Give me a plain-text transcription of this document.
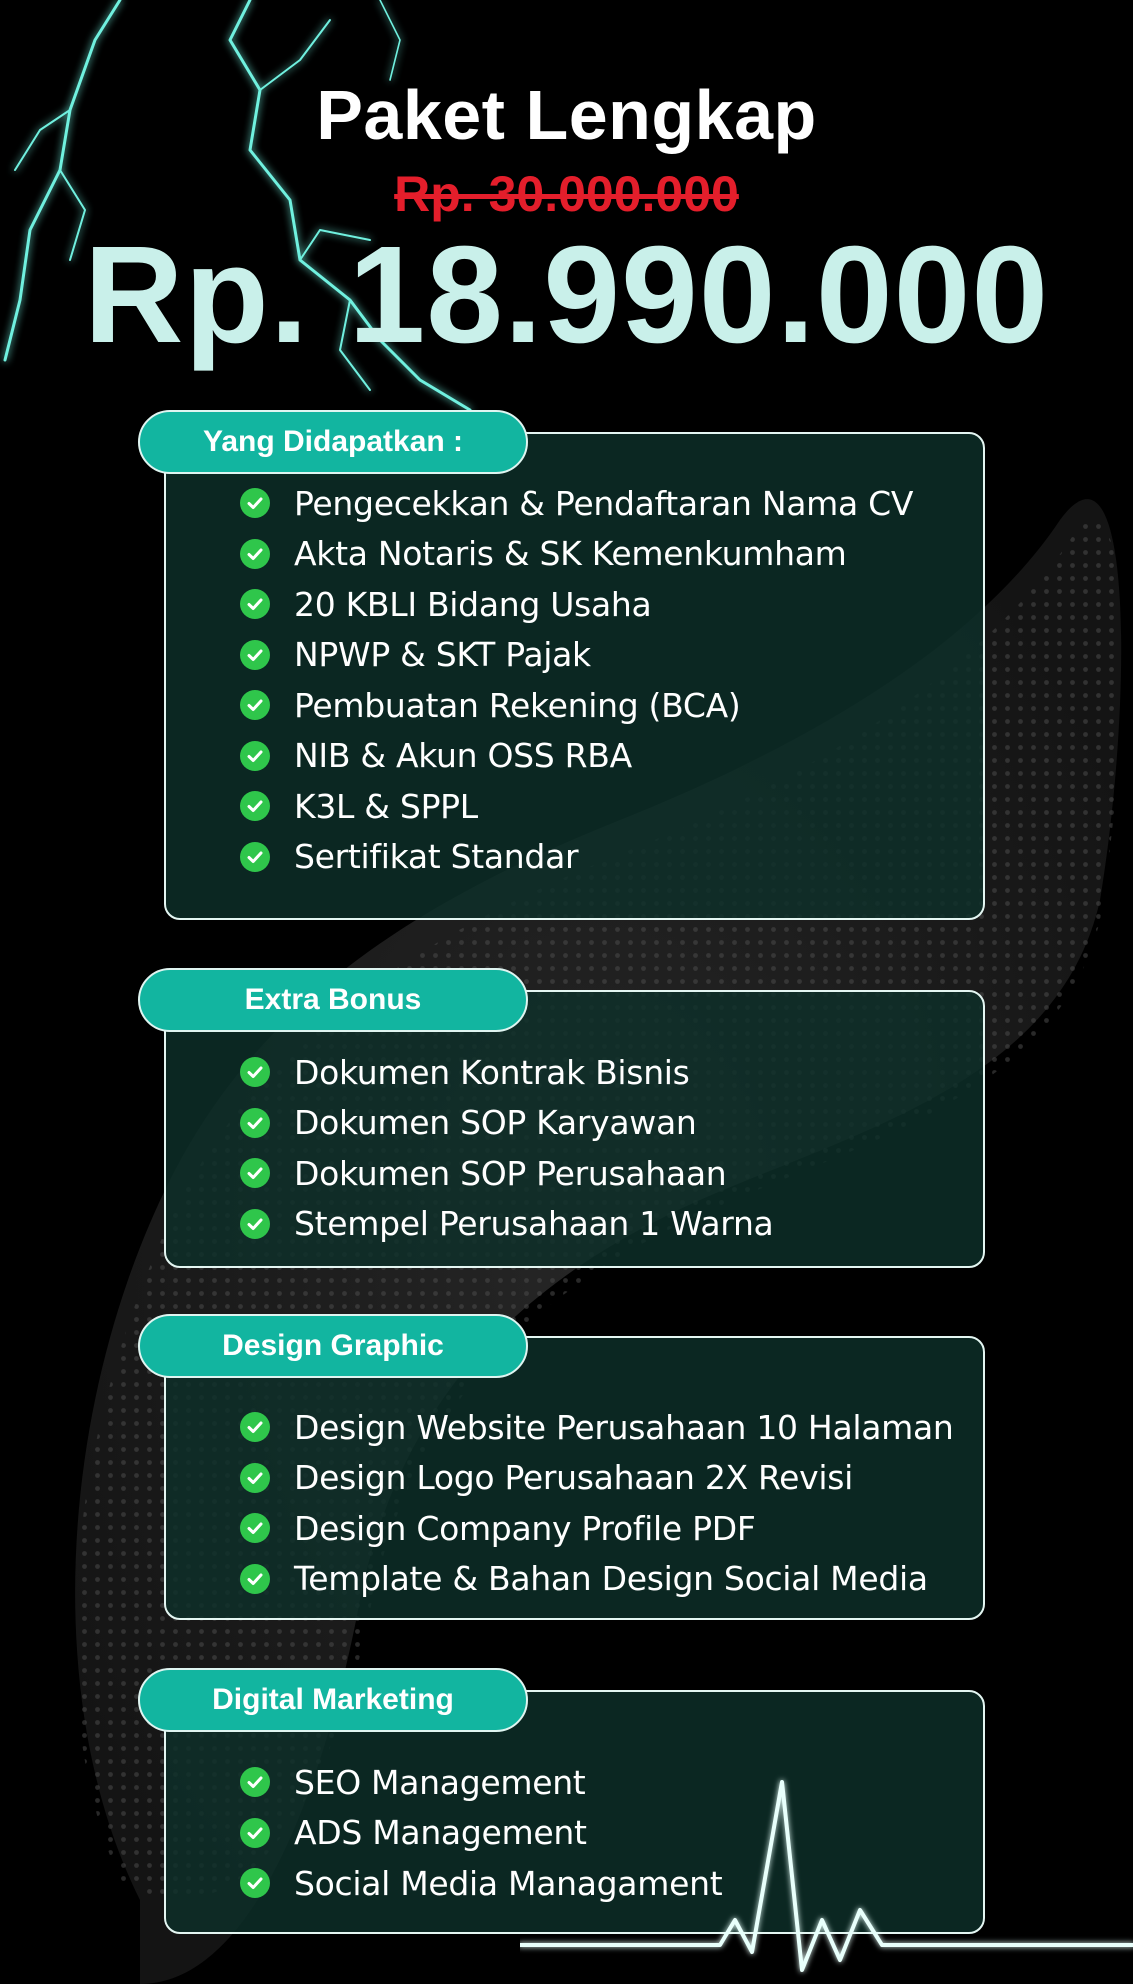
Paket Lengkap
Rp. 30.000.000
Rp. 18.990.000
Yang Didapatkan :
Pengecekkan & Pendaftaran Nama CV
Akta Notaris & SK Kemenkumham
20 KBLI Bidang Usaha
NPWP & SKT Pajak
Pembuatan Rekening (BCA)
NIB & Akun OSS RBA
K3L & SPPL
Sertifikat Standar
Extra Bonus
Dokumen Kontrak Bisnis
Dokumen SOP Karyawan
Dokumen SOP Perusahaan
Stempel Perusahaan 1 Warna
Design Graphic
Design Website Perusahaan 10 Halaman
Design Logo Perusahaan 2X Revisi
Design Company Profile PDF
Template & Bahan Design Social Media
Digital Marketing
SEO Management
ADS Management
Social Media Managament
